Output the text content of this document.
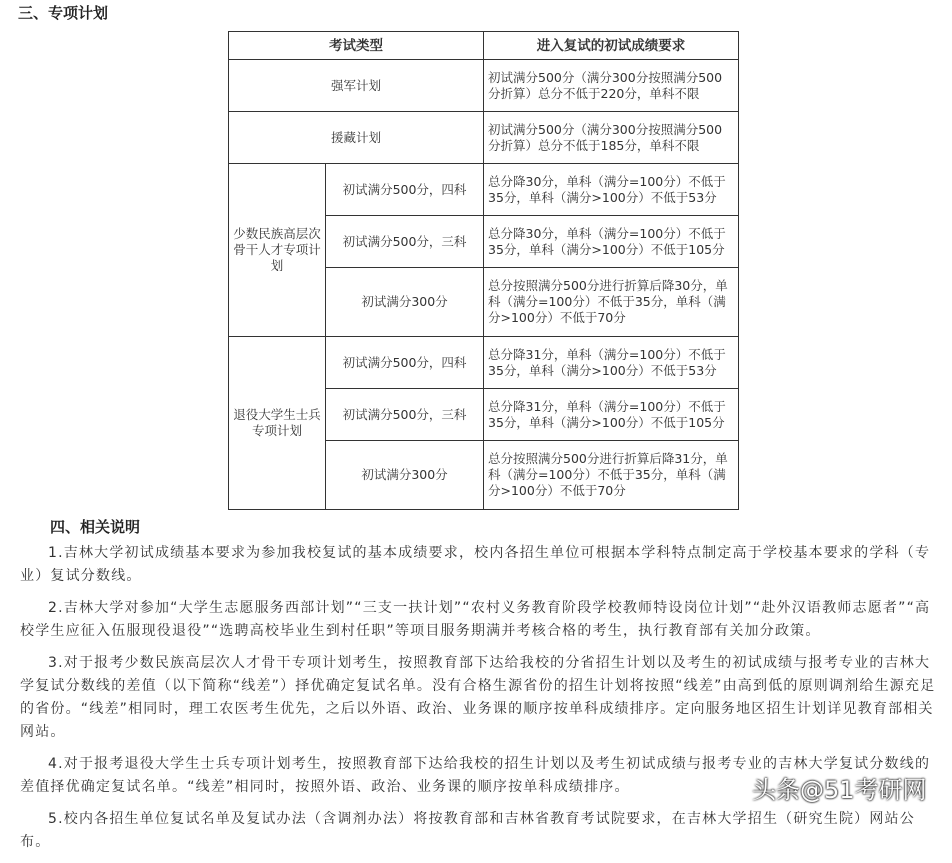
三、专项计划
考试类型		进入复试的初试成绩要求
强军计划		初试满分500分（满分300分按照满分500分折算）总分不低于220分，单科不限
援藏计划		初试满分500分（满分300分按照满分500分折算）总分不低于185分，单科不限
少数民族高层次骨干人才专项计划	初试满分500分，四科	总分降30分，单科（满分=100分）不低于35分，单科（满分>100分）不低于53分
	初试满分500分，三科	总分降30分，单科（满分=100分）不低于35分，单科（满分>100分）不低于105分
	初试满分300分	总分按照满分500分进行折算后降30分，单科（满分=100分）不低于35分，单科（满分>100分）不低于70分
退役大学生士兵专项计划	初试满分500分，四科	总分降31分，单科（满分=100分）不低于35分，单科（满分>100分）不低于53分
	初试满分500分，三科	总分降31分，单科（满分=100分）不低于35分，单科（满分>100分）不低于105分
	初试满分300分	总分按照满分500分进行折算后降31分，单科（满分=100分）不低于35分，单科（满分>100分）不低于70分
四、相关说明

1.吉林大学初试成绩基本要求为参加我校复试的基本成绩要求，校内各招生单位可根据本学科特点制定高于学校基本要求的学科（专业）复试分数线。

2.吉林大学对参加“大学生志愿服务西部计划”“三支一扶计划”“农村义务教育阶段学校教师特设岗位计划”“赴外汉语教师志愿者”“高校学生应征入伍服现役退役”“选聘高校毕业生到村任职”等项目服务期满并考核合格的考生，执行教育部有关加分政策。

3.对于报考少数民族高层次人才骨干专项计划考生，按照教育部下达给我校的分省招生计划以及考生的初试成绩与报考专业的吉林大学复试分数线的差值（以下简称“线差”）择优确定复试名单。没有合格生源省份的招生计划将按照“线差”由高到低的原则调剂给生源充足的省份。“线差”相同时，理工农医考生优先，之后以外语、政治、业务课的顺序按单科成绩排序。定向服务地区招生计划详见教育部相关网站。

4.对于报考退役大学生士兵专项计划考生，按照教育部下达给我校的招生计划以及考生初试成绩与报考专业的吉林大学复试分数线的差值择优确定复试名单。“线差”相同时，按照外语、政治、业务课的顺序按单科成绩排序。

5.校内各招生单位复试名单及复试办法（含调剂办法）将按教育部和吉林省教育考试院要求，在吉林大学招生（研究生院）网站公布。

头条@51考研网
